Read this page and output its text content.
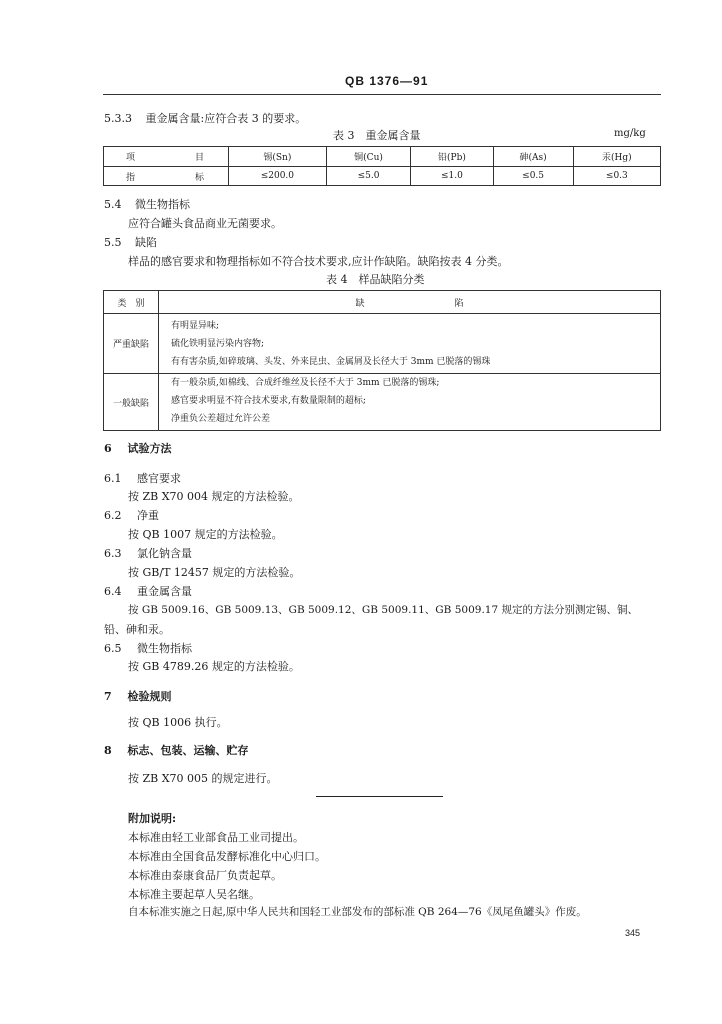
QB 1376—91
5.3.3 重金属含量:应符合表 3 的要求。
表 3　重金属含量	mg/kg
项 目	锡(Sn)	铜(Cu)	铅(Pb)	砷(As)	汞(Hg)

指 标	≤200.0	≤5.0	≤1.0	≤0.5	≤0.3
5.4 微生物指标
应符合罐头食品商业无菌要求。
5.5 缺陷
样品的感官要求和物理指标如不符合技术要求,应计作缺陷。缺陷按表 4 分类。
表 4　样品缺陷分类
类　别	缺 陷
严重缺陷	有明显异味;
硫化铁明显污染内容物;
有有害杂质,如碎玻璃、头发、外来昆虫、金属屑及长径大于 3mm 已脱落的锡珠

一般缺陷	有一般杂质,如棉线、合成纤维丝及长径不大于 3mm 已脱落的锡珠;
感官要求明显不符合技术要求,有数量限制的超标;
净重负公差超过允许公差
6 试验方法
6.1 感官要求
按 ZB X70 004 规定的方法检验。
6.2 净重
按 QB 1007 规定的方法检验。
6.3 氯化钠含量
按 GB/T 12457 规定的方法检验。
6.4 重金属含量
按 GB 5009.16、GB 5009.13、GB 5009.12、GB 5009.11、GB 5009.17 规定的方法分别测定锡、铜、
铅、砷和汞。
6.5 微生物指标
按 GB 4789.26 规定的方法检验。
7 检验规则
按 QB 1006 执行。
8 标志、包装、运输、贮存
按 ZB X70 005 的规定进行。
附加说明:
本标准由轻工业部食品工业司提出。
本标准由全国食品发酵标准化中心归口。
本标准由泰康食品厂负责起草。
本标准主要起草人吴名继。
自本标准实施之日起,原中华人民共和国轻工业部发布的部标准 QB 264—76《凤尾鱼罐头》作废。
345
